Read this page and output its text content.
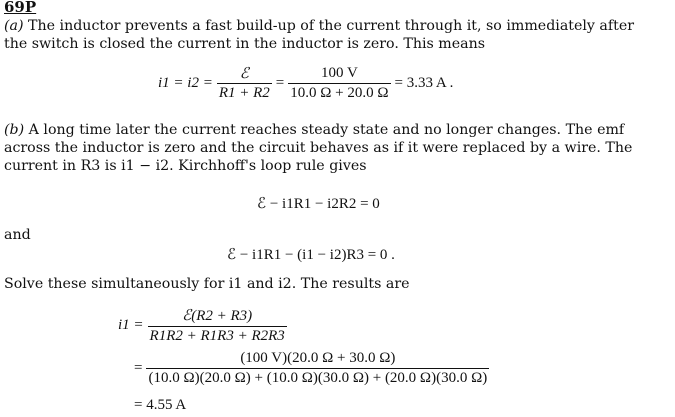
69P
(a) The inductor prevents a fast build-up of the current through it, so immediately after
the switch is closed the current in the inductor is zero. This means
$i1 = i2 = \frac{\text{ℰ}}{R1 + R2} = \frac{100 V}{10.0 \Omega + 20.0 \Omega} = 3.33$ A .
(b) A long time later the current reaches steady state and no longer changes. The emf
across the inductor is zero and the circuit behaves as if it were replaced by a wire. The
current in R3 is i1 − i2. Kirchhoff's loop rule gives
ℰ − i1R1 − i2R2 = 0
and
ℰ − i1R1 − (i1 − i2)R3 = 0 .
Solve these simultaneously for i1 and i2. The results are
$i1 = \frac{\text{ℰ(R2 + R3)}}{R1R2 + R1R3 + R2R3}$
= $\frac{(100 V)(20.0 \Omega + 30.0 \Omega)}{(10.0 \Omega)(20.0 \Omega) + (10.0 \Omega)(30.0 \Omega) + (20.0 \Omega)(30.0 \Omega)}$
= 4.55 A
